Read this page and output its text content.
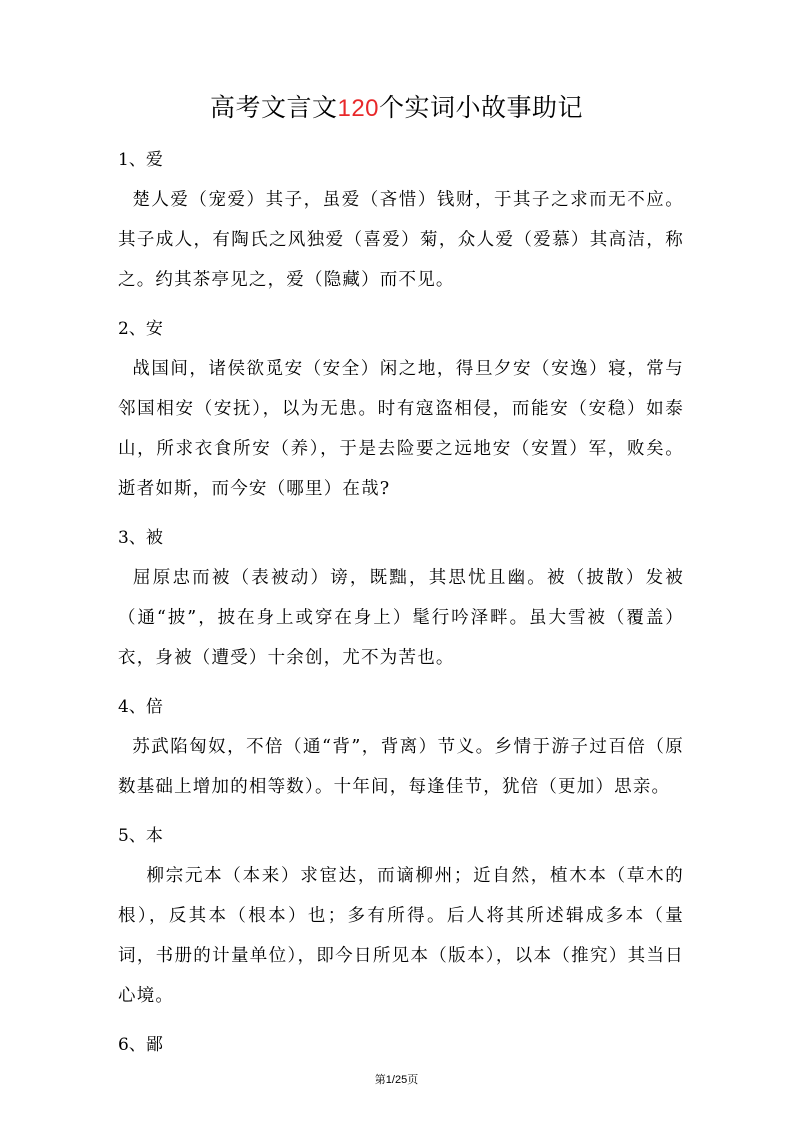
高考文言文120个实词小故事助记
1、爱

楚人爱（宠爱）其子，虽爱（吝惜）钱财，于其子之求而无不应。其子成人，有陶氏之风独爱（喜爱）菊，众人爱（爱慕）其高洁，称之。约其茶亭见之，爱（隐藏）而不见。

2、安

战国间，诸侯欲觅安（安全）闲之地，得旦夕安（安逸）寝，常与邻国相安（安抚），以为无患。时有寇盗相侵，而能安（安稳）如泰山，所求衣食所安（养），于是去险要之远地安（安置）军，败矣。逝者如斯，而今安（哪里）在哉?

3、被

屈原忠而被（表被动）谤，既黜，其思忧且幽。被（披散）发被（通“披”，披在身上或穿在身上）髦行吟泽畔。虽大雪被（覆盖）衣，身被（遭受）十余创，尤不为苦也。

4、倍

苏武陷匈奴，不倍（通“背”，背离）节义。乡情于游子过百倍（原数基础上增加的相等数）。十年间，每逢佳节，犹倍（更加）思亲。

5、本

柳宗元本（本来）求宦达，而谪柳州；近自然，植木本（草木的根），反其本（根本）也；多有所得。后人将其所述辑成多本（量词，书册的计量单位），即今日所见本（版本），以本（推究）其当日心境。

6、鄙
第1/25页
